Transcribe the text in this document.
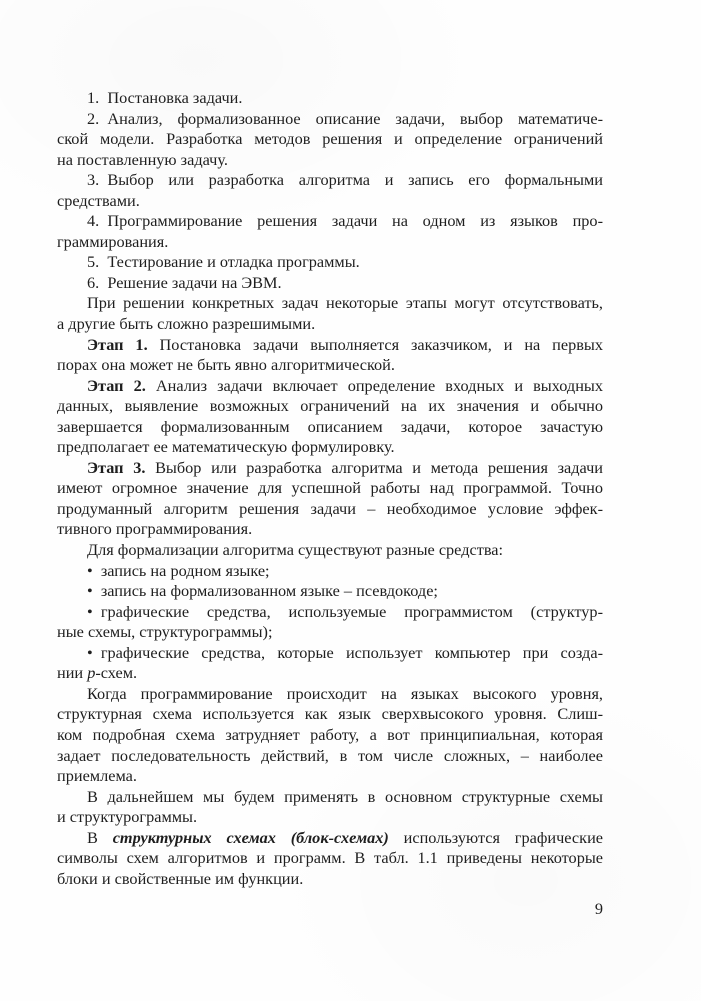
1. Постановка задачи.
2. Анализ, формализованное описание задачи, выбор математиче-
ской модели. Разработка методов решения и определение ограничений
на поставленную задачу.
3. Выбор или разработка алгоритма и запись его формальными
средствами.
4. Программирование решения задачи на одном из языков про-
граммирования.
5. Тестирование и отладка программы.
6. Решение задачи на ЭВМ.
При решении конкретных задач некоторые этапы могут отсутствовать,
а другие быть сложно разрешимыми.
Этап 1. Постановка задачи выполняется заказчиком, и на первых
порах она может не быть явно алгоритмической.
Этап 2. Анализ задачи включает определение входных и выходных
данных, выявление возможных ограничений на их значения и обычно
завершается формализованным описанием задачи, которое зачастую
предполагает ее математическую формулировку.
Этап 3. Выбор или разработка алгоритма и метода решения задачи
имеют огромное значение для успешной работы над программой. Точно
продуманный алгоритм решения задачи – необходимое условие эффек-
тивного программирования.
Для формализации алгоритма существуют разные средства:
• запись на родном языке;
• запись на формализованном языке – псевдокоде;
• графические средства, используемые программистом (структур-
ные схемы, структурограммы);
• графические средства, которые использует компьютер при созда-
нии р-схем.
Когда программирование происходит на языках высокого уровня,
структурная схема используется как язык сверхвысокого уровня. Слиш-
ком подробная схема затрудняет работу, а вот принципиальная, которая
задает последовательность действий, в том числе сложных, – наиболее
приемлема.
В дальнейшем мы будем применять в основном структурные схемы
и структурограммы.
В структурных схемах (блок-схемах) используются графические
символы схем алгоритмов и программ. В табл. 1.1 приведены некоторые
блоки и свойственные им функции.
9
